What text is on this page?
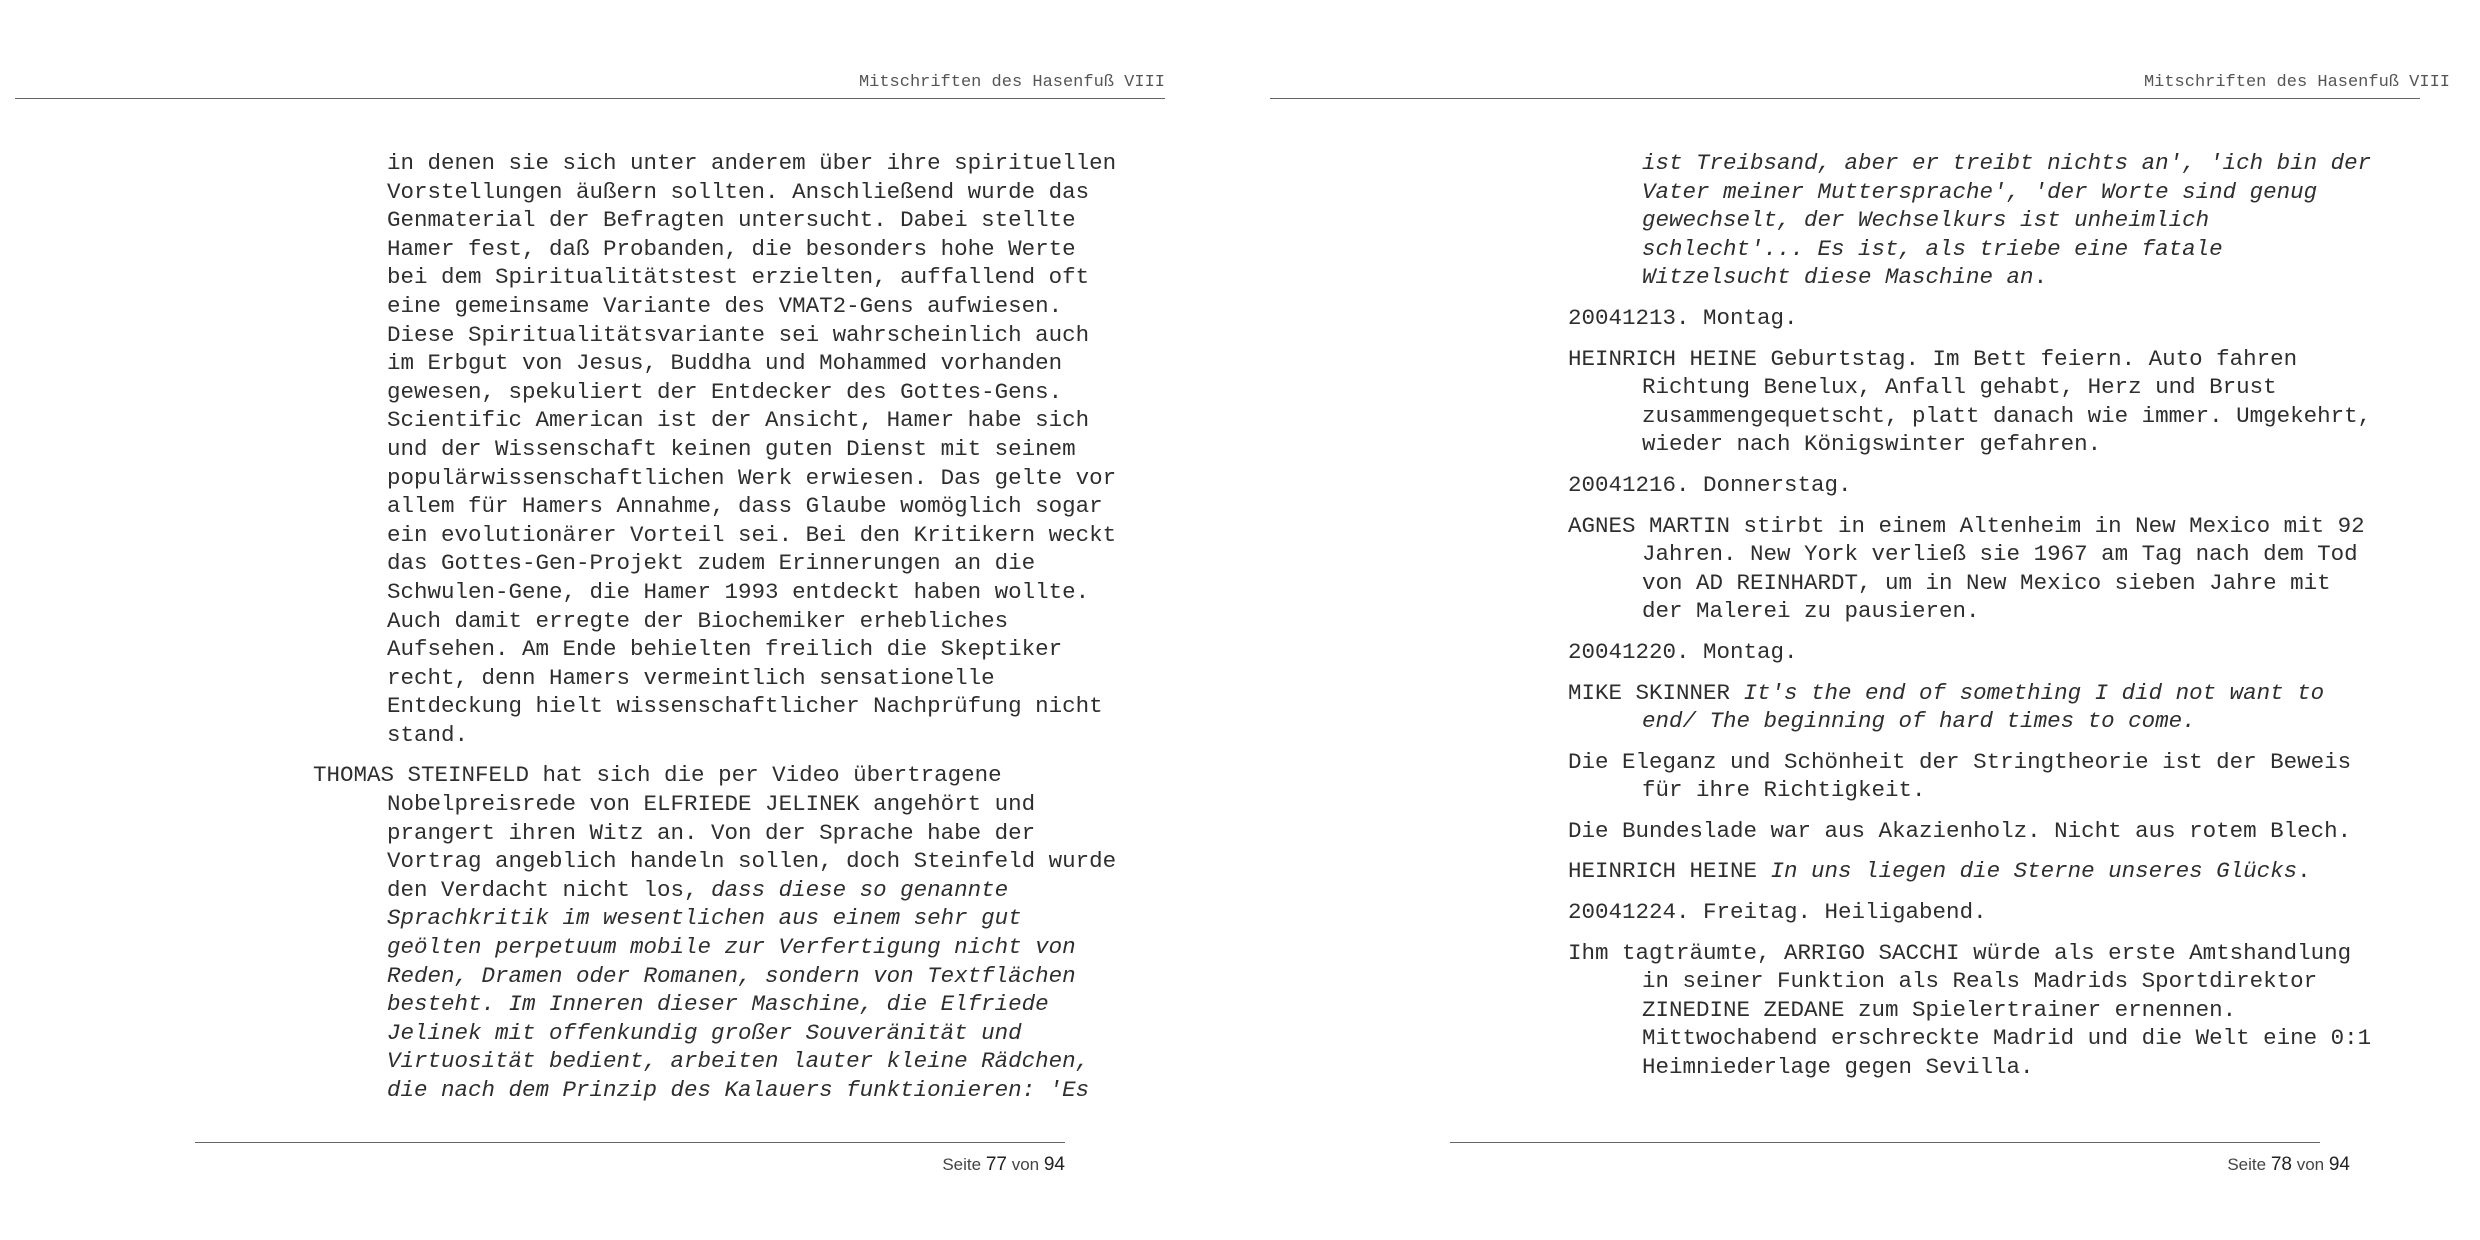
Mitschriften des Hasenfuß VIII
in denen sie sich unter anderem über ihre spirituellen
Vorstellungen äußern sollten. Anschließend wurde das
Genmaterial der Befragten untersucht. Dabei stellte
Hamer fest, daß Probanden, die besonders hohe Werte
bei dem Spiritualitätstest erzielten, auffallend oft
eine gemeinsame Variante des VMAT2-Gens aufwiesen.
Diese Spiritualitätsvariante sei wahrscheinlich auch
im Erbgut von Jesus, Buddha und Mohammed vorhanden
gewesen, spekuliert der Entdecker des Gottes-Gens.
Scientific American ist der Ansicht, Hamer habe sich
und der Wissenschaft keinen guten Dienst mit seinem
populärwissenschaftlichen Werk erwiesen. Das gelte vor
allem für Hamers Annahme, dass Glaube womöglich sogar
ein evolutionärer Vorteil sei. Bei den Kritikern weckt
das Gottes-Gen-Projekt zudem Erinnerungen an die
Schwulen-Gene, die Hamer 1993 entdeckt haben wollte.
Auch damit erregte der Biochemiker erhebliches
Aufsehen. Am Ende behielten freilich die Skeptiker
recht, denn Hamers vermeintlich sensationelle
Entdeckung hielt wissenschaftlicher Nachprüfung nicht
stand.
THOMAS STEINFELD hat sich die per Video übertragene
Nobelpreisrede von ELFRIEDE JELINEK angehört und
prangert ihren Witz an. Von der Sprache habe der
Vortrag angeblich handeln sollen, doch Steinfeld wurde
den Verdacht nicht los, dass diese so genannte
Sprachkritik im wesentlichen aus einem sehr gut
geölten perpetuum mobile zur Verfertigung nicht von
Reden, Dramen oder Romanen, sondern von Textflächen
besteht. Im Inneren dieser Maschine, die Elfriede
Jelinek mit offenkundig großer Souveränität und
Virtuosität bedient, arbeiten lauter kleine Rädchen,
die nach dem Prinzip des Kalauers funktionieren: 'Es
Seite 77 von 94
Mitschriften des Hasenfuß VIII
ist Treibsand, aber er treibt nichts an', 'ich bin der
Vater meiner Muttersprache', 'der Worte sind genug
gewechselt, der Wechselkurs ist unheimlich
schlecht'... Es ist, als triebe eine fatale
Witzelsucht diese Maschine an.
20041213. Montag.
HEINRICH HEINE Geburtstag. Im Bett feiern. Auto fahren
Richtung Benelux, Anfall gehabt, Herz und Brust
zusammengequetscht, platt danach wie immer. Umgekehrt,
wieder nach Königswinter gefahren.
20041216. Donnerstag.
AGNES MARTIN stirbt in einem Altenheim in New Mexico mit 92
Jahren. New York verließ sie 1967 am Tag nach dem Tod
von AD REINHARDT, um in New Mexico sieben Jahre mit
der Malerei zu pausieren.
20041220. Montag.
MIKE SKINNER It's the end of something I did not want to
end/ The beginning of hard times to come.
Die Eleganz und Schönheit der Stringtheorie ist der Beweis
für ihre Richtigkeit.
Die Bundeslade war aus Akazienholz. Nicht aus rotem Blech.
HEINRICH HEINE In uns liegen die Sterne unseres Glücks.
20041224. Freitag. Heiligabend.
Ihm tagträumte, ARRIGO SACCHI würde als erste Amtshandlung
in seiner Funktion als Reals Madrids Sportdirektor
ZINEDINE ZEDANE zum Spielertrainer ernennen.
Mittwochabend erschreckte Madrid und die Welt eine 0:1
Heimniederlage gegen Sevilla.
Seite 78 von 94
